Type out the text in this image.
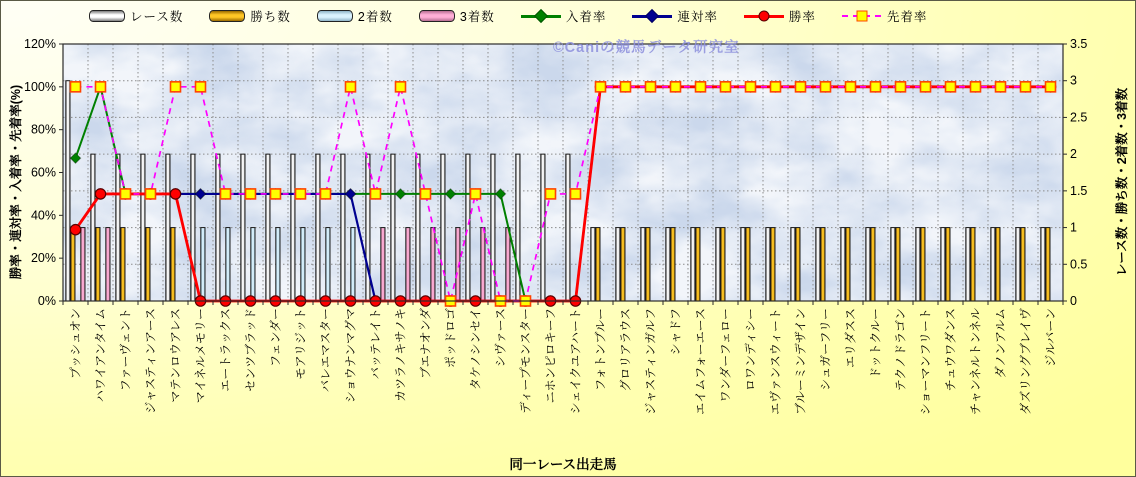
レース数	勝ち数	2着数	3着数	入着率	連対率	勝率	先着率
勝率・連対率・入着率・先着率(%)	レース数・勝ち数・2着数・3着数
©Caniの競馬データ研究室
同一レース出走馬
0%
20%
40%
60%
80%
100%
120%
0
0.5
1
1.5
2
2.5
3
3.5
プッシュオン ハワイアンタイム ファーヴェント ジャスティンアース マテンロウアレス マイネルメモリー エートラックス センツブラッド フェンダー モアリジット バレエマスター ショウナンマグマ バッテレイト カツラノキサノキ ブエナオンダ ポッドロゴ タケノシンセイ シヴァース ディープモンスター ニホンピロキーフ シェイクユアハート フォトンブルー グロリアラウス ジャスティンガルフ シャドフ エイムフォーエース ワンダーフェロー ロワンディシー エヴァンスウィート ブルーミンデザイン シュガーフリー エリダスス ドットクルー テクノドラゴン ショーマンフリート チュウワダンス チャンネルトンネル ダノンアルム ダズリングブレイヴ ジルバーン
